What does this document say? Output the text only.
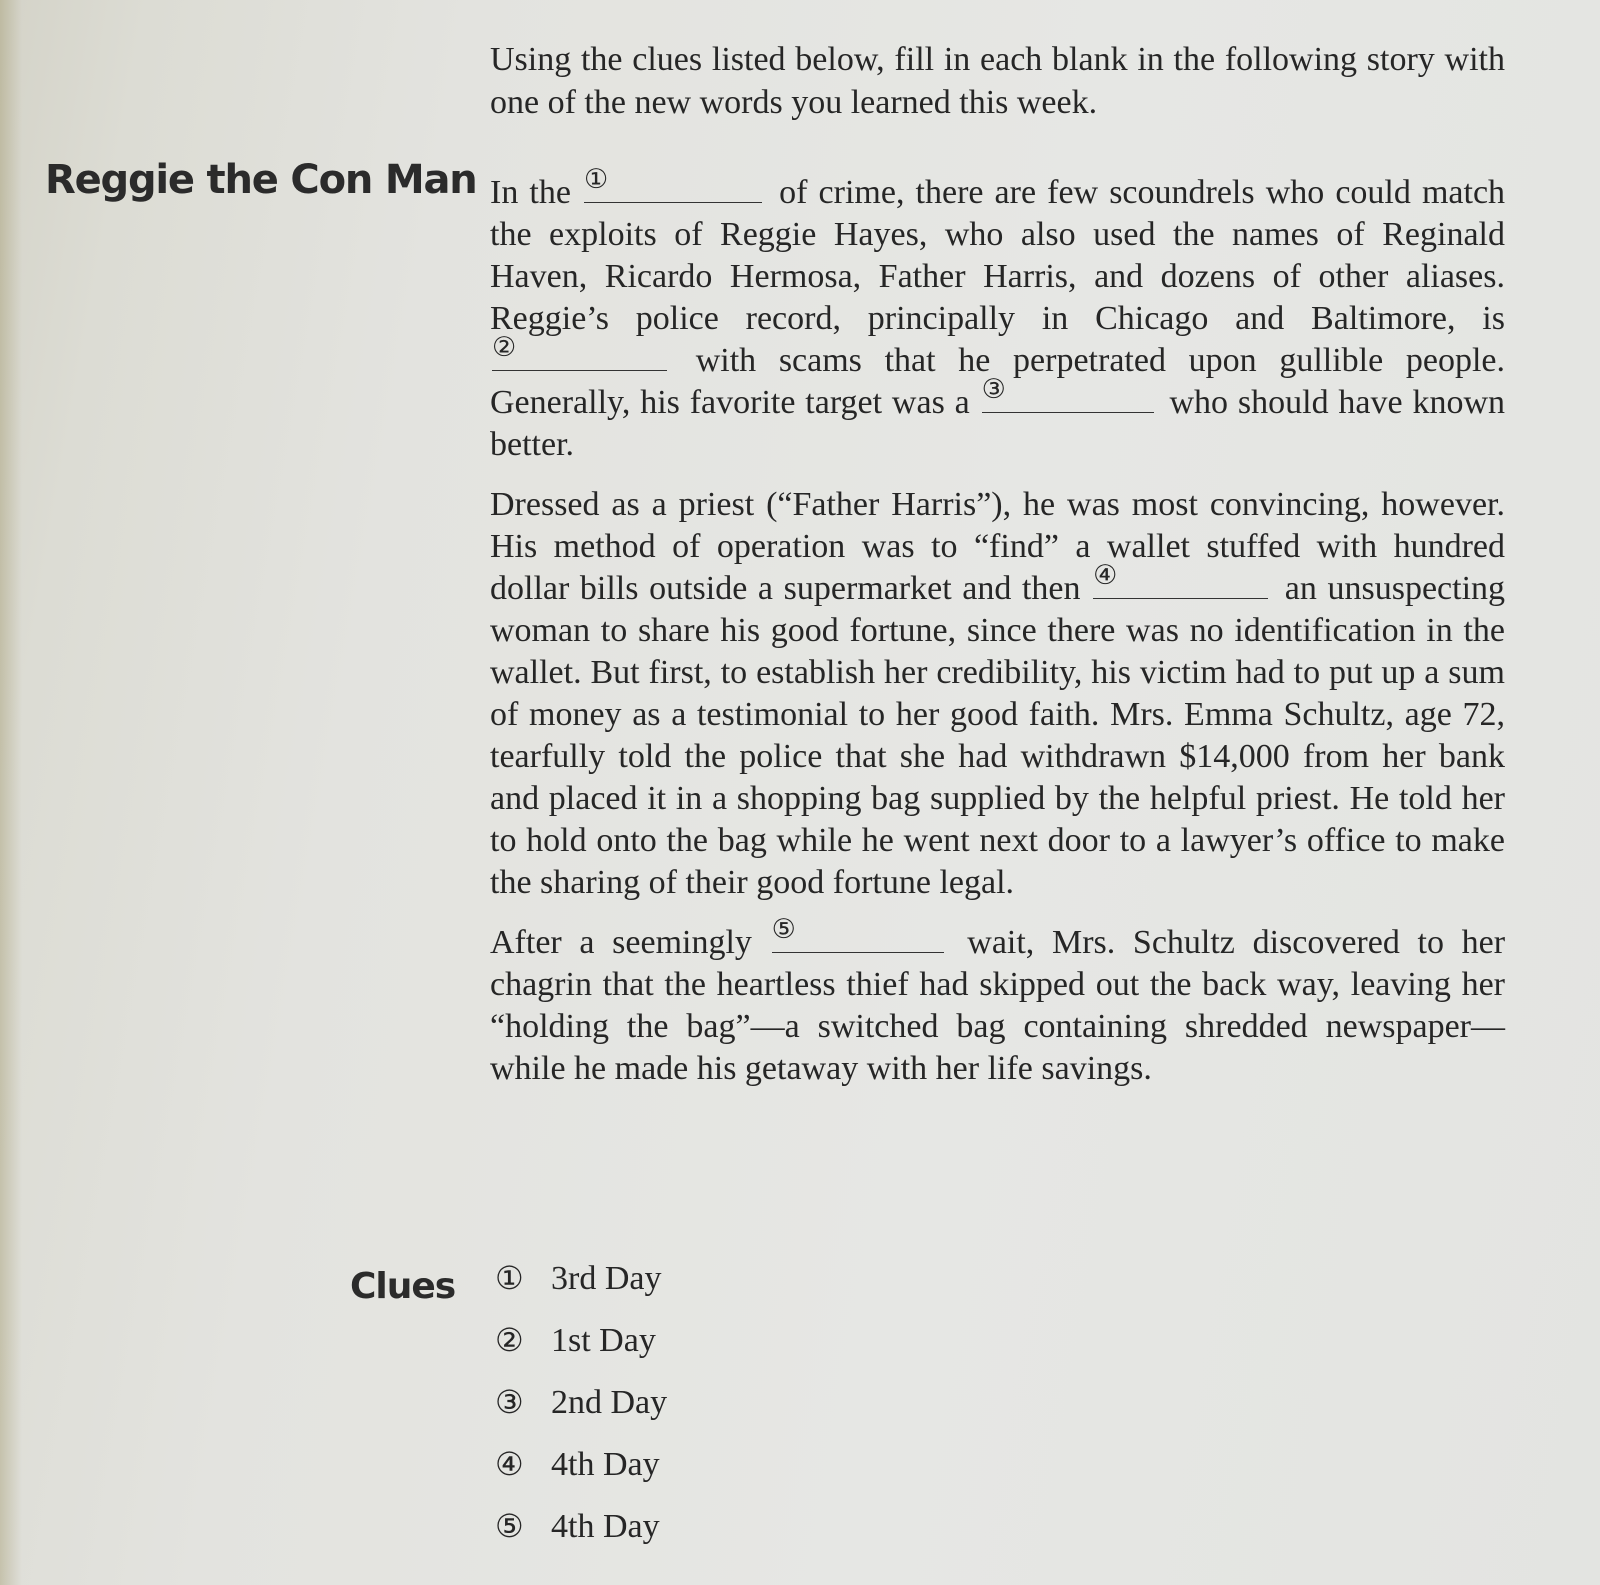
Using the clues listed below, fill in each blank in the following story with one of the new words you learned this week.

Reggie the Con Man In the ①	of crime, there are few scoundrels who could match the exploits of Reggie Hayes, who also used the names of Reginald Haven, Ricardo Hermosa, Father Harris, and dozens of other aliases. Reggie’s police record, principally in Chicago and Baltimore, is
②	with scams that he perpetrated upon gullible people. Generally, his favorite target was a ③	who should have known better.

Dressed as a priest (“Father Harris”), he was most convincing, however. His method of operation was to “find” a wallet stuffed with hundred dollar bills outside a supermarket and then ④	an unsuspecting woman to share his good fortune, since there was no identification in the wallet. But first, to establish her credibility, his victim had to put up a sum of money as a testimonial to her good faith. Mrs. Emma Schultz, age 72, tearfully told the police that she had withdrawn $14,000 from her bank and placed it in a shopping bag supplied by the helpful priest. He told her to hold onto the bag while he went next door to a lawyer’s office to make the sharing of their good fortune legal.

After a seemingly ⑤	wait, Mrs. Schultz discovered to her chagrin that the heartless thief had skipped out the back way, leaving her “holding the bag”—a switched bag containing shredded newspaper—while he made his getaway with her life savings.

Clues ① 3rd Day
② 1st Day
③ 2nd Day
④ 4th Day
⑤ 4th Day
